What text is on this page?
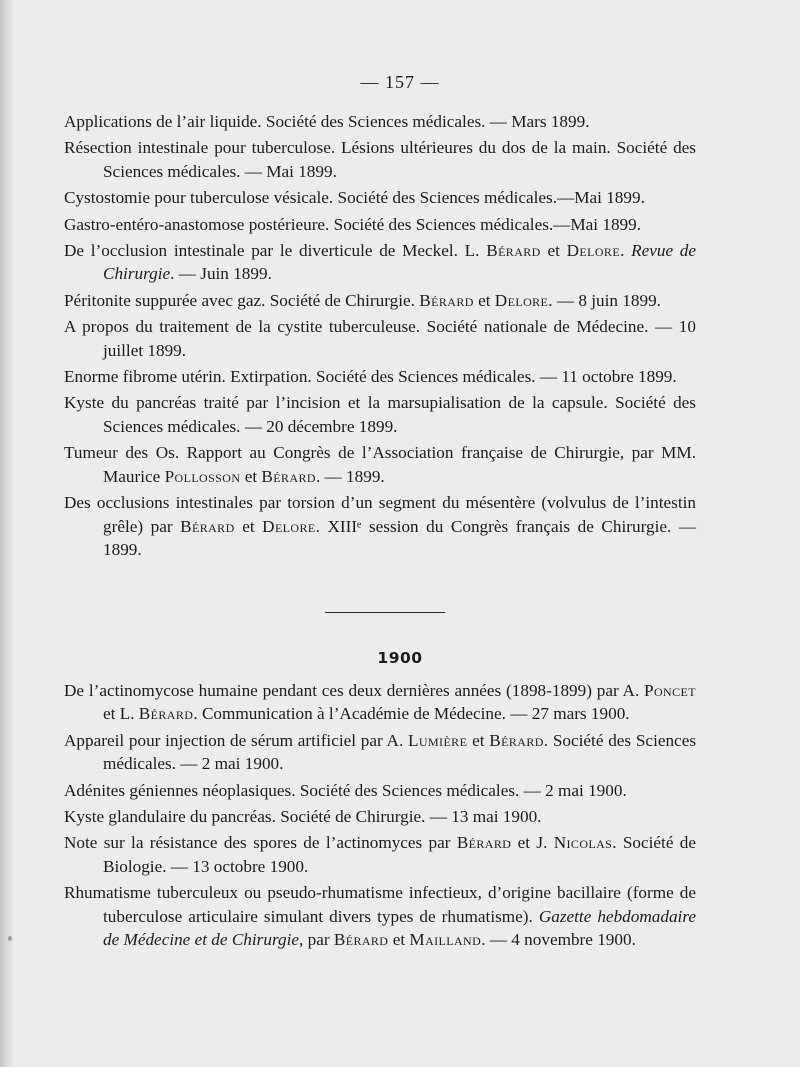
— 157 —

Applications de l’air liquide. Société des Sciences médicales. — Mars 1899.

Résection intestinale pour tuberculose. Lésions ultérieures du dos de la main. Société des Sciences médicales. — Mai 1899.

Cystostomie pour tuberculose vésicale. Société des Sciences médicales.—Mai 1899.

Gastro-entéro-anastomose postérieure. Société des Sciences médicales.—Mai 1899.

De l’occlusion intestinale par le diverticule de Meckel. L. Bérard et Delore. Revue de Chirurgie. — Juin 1899.

Péritonite suppurée avec gaz. Société de Chirurgie. Bérard et Delore. — 8 juin 1899.

A propos du traitement de la cystite tuberculeuse. Société nationale de Médecine. — 10 juillet 1899.

Enorme fibrome utérin. Extirpation. Société des Sciences médicales. — 11 octobre 1899.

Kyste du pancréas traité par l’incision et la marsupialisation de la capsule. Société des Sciences médicales. — 20 décembre 1899.

Tumeur des Os. Rapport au Congrès de l’Association française de Chirurgie, par MM. Maurice Pollosson et Bérard. — 1899.

Des occlusions intestinales par torsion d’un segment du mésentère (volvulus de l’intestin grêle) par Bérard et Delore. XIIIᵉ session du Congrès français de Chirurgie. — 1899.

1900

De l’actinomycose humaine pendant ces deux dernières années (1898-1899) par A. Poncet et L. Bérard. Communication à l’Académie de Médecine. — 27 mars 1900.

Appareil pour injection de sérum artificiel par A. Lumière et Bérard. Société des Sciences médicales. — 2 mai 1900.

Adénites géniennes néoplasiques. Société des Sciences médicales. — 2 mai 1900.

Kyste glandulaire du pancréas. Société de Chirurgie. — 13 mai 1900.

Note sur la résistance des spores de l’actinomyces par Bérard et J. Nicolas. Société de Biologie. — 13 octobre 1900.

Rhumatisme tuberculeux ou pseudo-rhumatisme infectieux, d’origine bacillaire (forme de tuberculose articulaire simulant divers types de rhumatisme). Gazette hebdomadaire de Médecine et de Chirurgie, par Bérard et Mailland. — 4 novembre 1900.
